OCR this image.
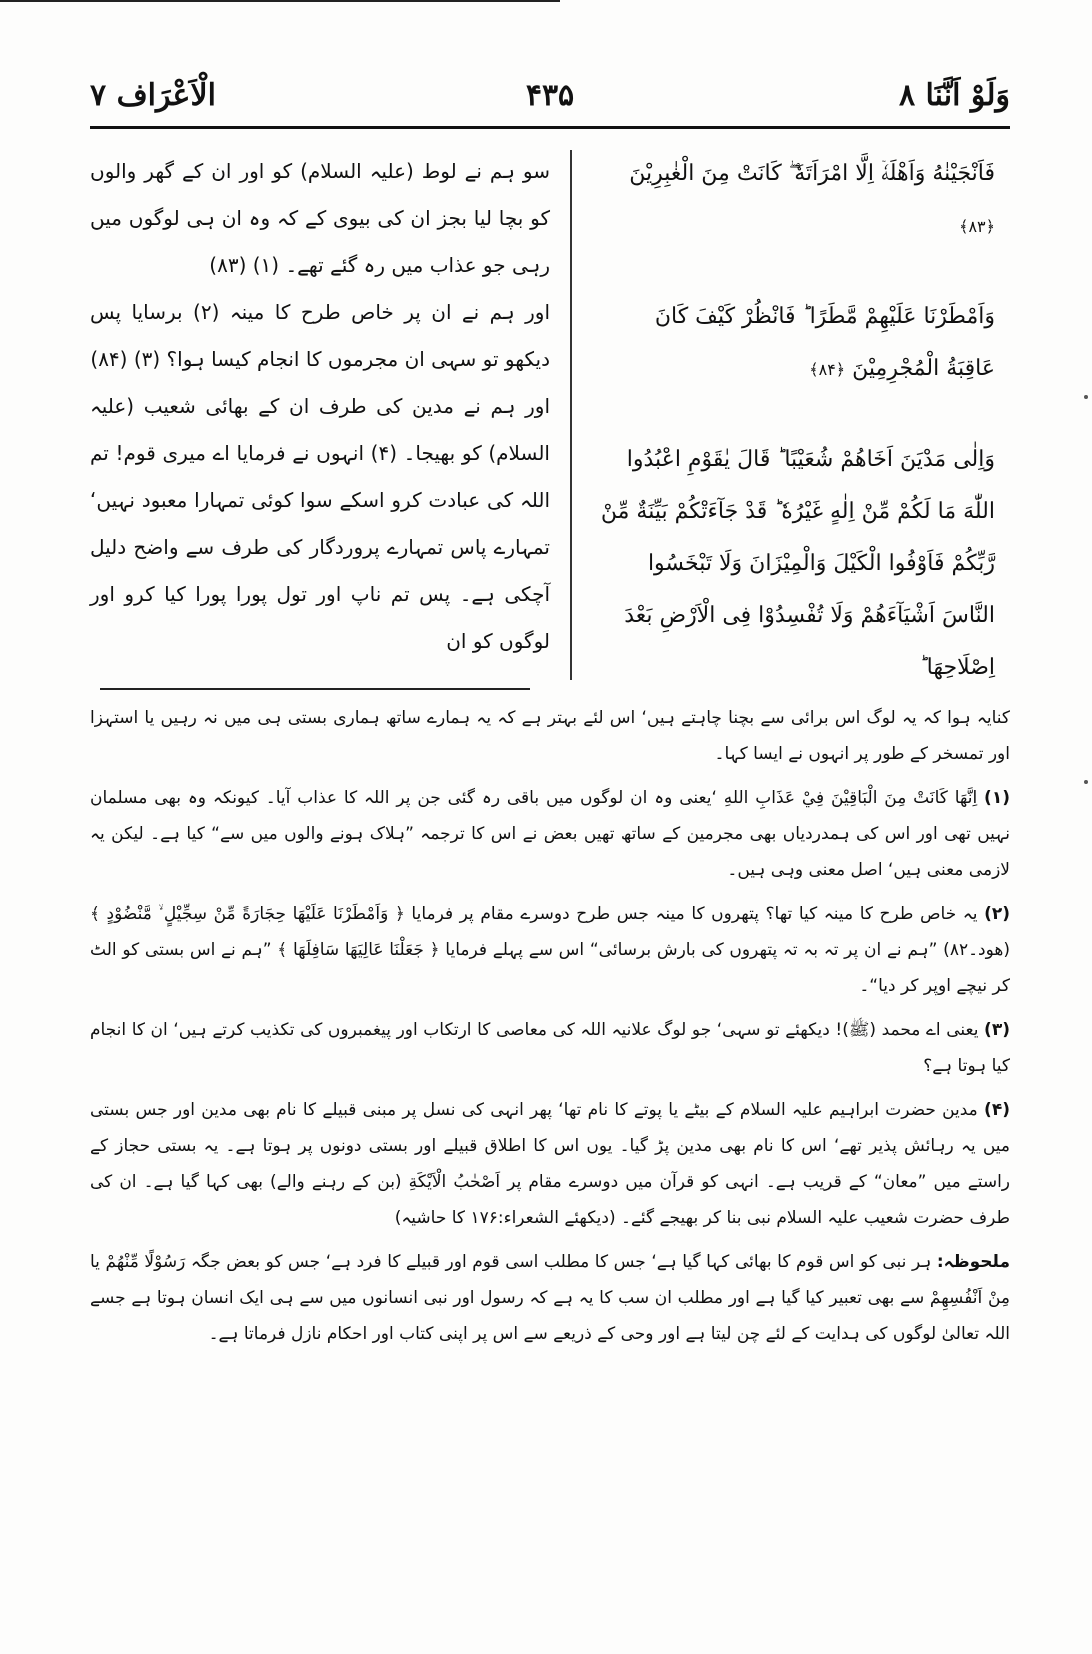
وَلَوْ اَنَّنَا ٨
۴۳۵
الْاَعْرَاف ٧
فَاَنْجَيْنٰهُ وَاَهْلَهٗۤ اِلَّا امْرَاَتَهٗ ۖ كَانَتْ مِنَ الْغٰبِرِيْنَ ﴿۸۳﴾
وَاَمْطَرْنَا عَلَيْهِمْ مَّطَرًا ؕ فَانْظُرْ كَيْفَ كَانَ عَاقِبَةُ الْمُجْرِمِيْنَ ﴿۸۴﴾
وَاِلٰى مَدْيَنَ اَخَاهُمْ شُعَيْبًا ؕ قَالَ يٰقَوْمِ اعْبُدُوا اللّٰهَ مَا لَكُمْ مِّنْ اِلٰهٍ غَيْرُهٗ ؕ قَدْ جَآءَتْكُمْ بَيِّنَةٌ مِّنْ رَّبِّكُمْ فَاَوْفُوا الْكَيْلَ وَالْمِيْزَانَ وَلَا تَبْخَسُوا النَّاسَ اَشْيَآءَهُمْ وَلَا تُفْسِدُوْا فِى الْاَرْضِ بَعْدَ اِصْلَاحِهَا ؕ

سو ہم نے لوط (علیہ السلام) کو اور ان کے گھر والوں کو بچا لیا بجز ان کی بیوی کے کہ وہ ان ہی لوگوں میں رہی جو عذاب میں رہ گئے تھے۔ (۱) (۸۳)

اور ہم نے ان پر خاص طرح کا مینہ (۲) برسایا پس دیکھو تو سہی ان مجرموں کا انجام کیسا ہوا؟ (۳) (۸۴)

اور ہم نے مدین کی طرف ان کے بھائی شعیب (علیہ السلام) کو بھیجا۔ (۴) انہوں نے فرمایا اے میری قوم! تم اللہ کی عبادت کرو اسکے سوا کوئی تمہارا معبود نہیں‘ تمہارے پاس تمہارے پروردگار کی طرف سے واضح دلیل آچکی ہے۔ پس تم ناپ اور تول پورا پورا کیا کرو اور لوگوں کو ان

کنایہ ہوا کہ یہ لوگ اس برائی سے بچنا چاہتے ہیں‘ اس لئے بہتر ہے کہ یہ ہمارے ساتھ ہماری بستی ہی میں نہ رہیں یا استہزا اور تمسخر کے طور پر انہوں نے ایسا کہا۔

(۱) اِنَّهَا كَانَتْ مِنَ الْبَاقِيْنَ فِيْ عَذَابِ اللهِ ‘یعنی وہ ان لوگوں میں باقی رہ گئی جن پر اللہ کا عذاب آیا۔ کیونکہ وہ بھی مسلمان نہیں تھی اور اس کی ہمدردیاں بھی مجرمین کے ساتھ تھیں بعض نے اس کا ترجمہ ”ہلاک ہونے والوں میں سے“ کیا ہے۔ لیکن یہ لازمی معنی ہیں‘ اصل معنی وہی ہیں۔

(۲) یہ خاص طرح کا مینہ کیا تھا؟ پتھروں کا مینہ جس طرح دوسرے مقام پر فرمایا ﴿ وَاَمْطَرْنَا عَلَيْهَا حِجَارَةً مِّنْ سِجِّيْلٍ ۙ مَّنْضُوْدٍ ﴾ (ھود۔۸۲) ”ہم نے ان پر تہ بہ تہ پتھروں کی بارش برسائی“ اس سے پہلے فرمایا ﴿ جَعَلْنَا عَالِيَهَا سَافِلَهَا ﴾ ”ہم نے اس بستی کو الٹ کر نیچے اوپر کر دیا“۔

(۳) یعنی اے محمد (ﷺ)! دیکھئے تو سہی‘ جو لوگ علانیہ اللہ کی معاصی کا ارتکاب اور پیغمبروں کی تکذیب کرتے ہیں‘ ان کا انجام کیا ہوتا ہے؟

(۴) مدین حضرت ابراہیم علیہ السلام کے بیٹے یا پوتے کا نام تھا‘ پھر انہی کی نسل پر مبنی قبیلے کا نام بھی مدین اور جس بستی میں یہ رہائش پذیر تھے‘ اس کا نام بھی مدین پڑ گیا۔ یوں اس کا اطلاق قبیلے اور بستی دونوں پر ہوتا ہے۔ یہ بستی حجاز کے راستے میں ”معان“ کے قریب ہے۔ انہی کو قرآن میں دوسرے مقام پر اَصْحٰبُ الْاَيْكَةِ (بن کے رہنے والے) بھی کہا گیا ہے۔ ان کی طرف حضرت شعیب علیہ السلام نبی بنا کر بھیجے گئے۔ (دیکھئے الشعراء:۱۷۶ کا حاشیہ)

ملحوظہ: ہر نبی کو اس قوم کا بھائی کہا گیا ہے‘ جس کا مطلب اسی قوم اور قبیلے کا فرد ہے‘ جس کو بعض جگہ رَسُوْلًا مِّنْهُمْ یا مِنْ اَنْفُسِهِمْ سے بھی تعبیر کیا گیا ہے اور مطلب ان سب کا یہ ہے کہ رسول اور نبی انسانوں میں سے ہی ایک انسان ہوتا ہے جسے اللہ تعالیٰ لوگوں کی ہدایت کے لئے چن لیتا ہے اور وحی کے ذریعے سے اس پر اپنی کتاب اور احکام نازل فرماتا ہے۔
